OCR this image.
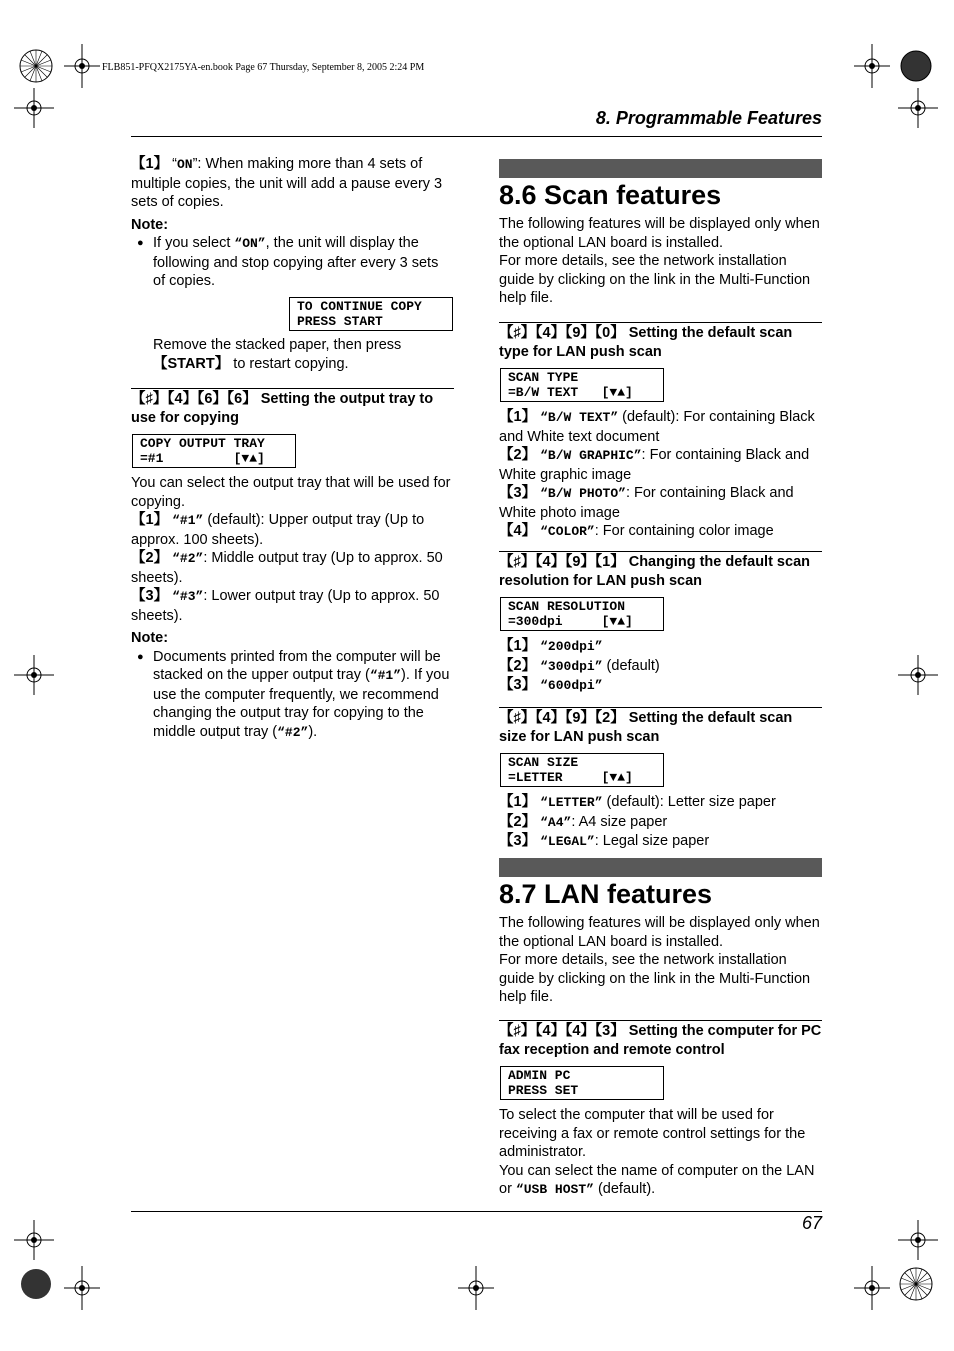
FLB851-PFQX2175YA-en.book Page 67 Thursday, September 8, 2005 2:24 PM
8. Programmable Features

【1】 “ON”: When making more than 4 sets of multiple copies, the unit will add a pause every 3 sets of copies.

Note:

● If you select “ON”, the unit will display the following and stop copying after every 3 sets of copies.

TO CONTINUE COPY
PRESS START

Remove the stacked paper, then press 【START】 to restart copying.

【♯】【4】【6】【6】 Setting the output tray to use for copying
COPY OUTPUT TRAY
=#1         [▼▲]

You can select the output tray that will be used for copying.

【1】 “#1” (default): Upper output tray (Up to approx. 100 sheets).

【2】 “#2”: Middle output tray (Up to approx. 50 sheets).

【3】 “#3”: Lower output tray (Up to approx. 50 sheets).

Note:

● Documents printed from the computer will be stacked on the upper output tray (“#1”). If you use the computer frequently, we recommend changing the output tray for copying to the middle output tray (“#2”).

8.6 Scan features
The following features will be displayed only when the optional LAN board is installed.
For more details, see the network installation guide by clicking on the link in the Multi-Function help file.
【♯】【4】【9】【0】 Setting the default scan type for LAN push scan
SCAN TYPE
=B/W TEXT   [▼▲]

【1】 “B/W TEXT” (default): For containing Black and White text document

【2】 “B/W GRAPHIC”: For containing Black and White graphic image

【3】 “B/W PHOTO”: For containing Black and White photo image

【4】 “COLOR”: For containing color image

【♯】【4】【9】【1】 Changing the default scan resolution for LAN push scan
SCAN RESOLUTION
=300dpi     [▼▲]

【1】 “200dpi”

【2】 “300dpi” (default)

【3】 “600dpi”

【♯】【4】【9】【2】 Setting the default scan size for LAN push scan
SCAN SIZE
=LETTER     [▼▲]

【1】 “LETTER” (default): Letter size paper

【2】 “A4”: A4 size paper

【3】 “LEGAL”: Legal size paper

8.7 LAN features
The following features will be displayed only when the optional LAN board is installed.
For more details, see the network installation guide by clicking on the link in the Multi-Function help file.
【♯】【4】【4】【3】 Setting the computer for PC fax reception and remote control
ADMIN PC
PRESS SET

To select the computer that will be used for receiving a fax or remote control settings for the administrator.

You can select the name of computer on the LAN or “USB HOST” (default).

67
